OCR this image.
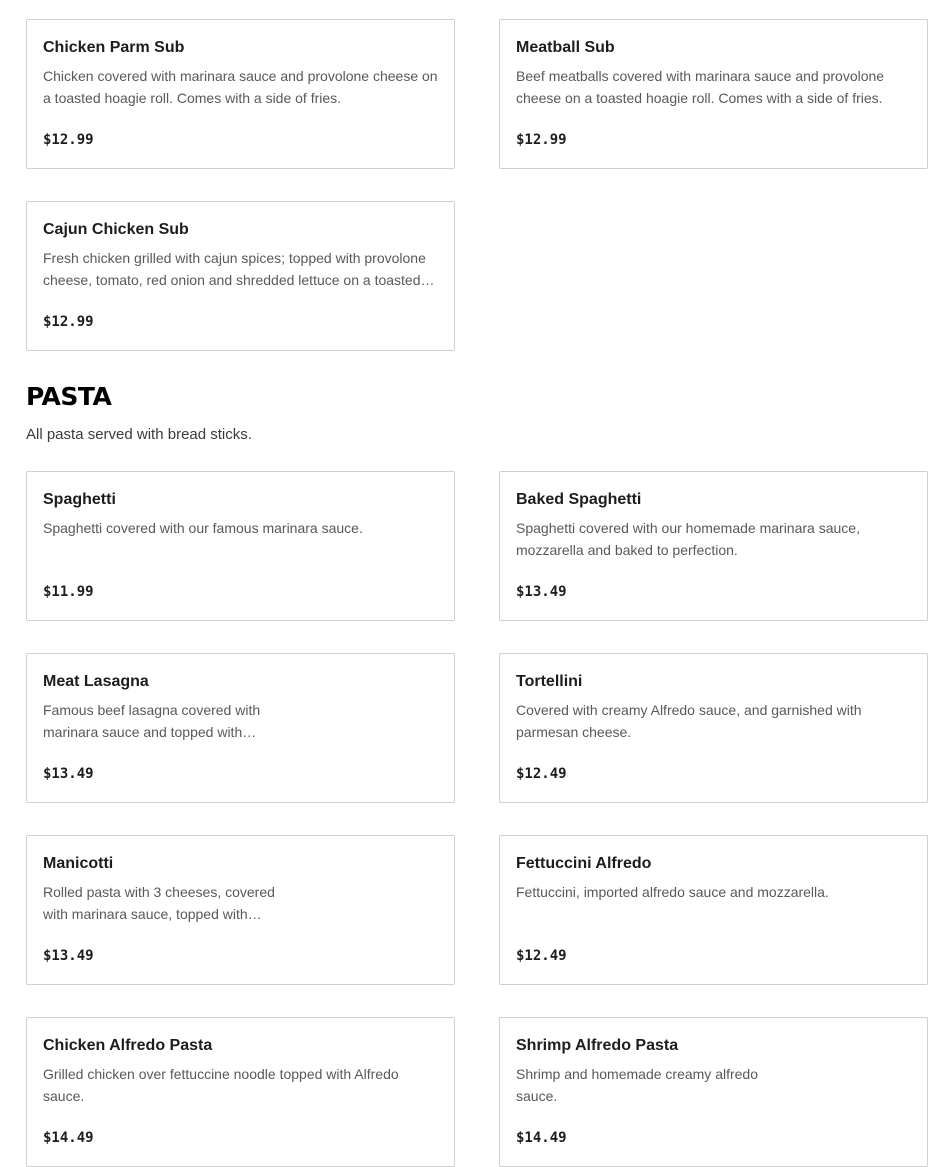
Chicken Parm Sub
Chicken covered with marinara sauce and provolone cheese on a toasted hoagie roll. Comes with a side of fries.
$12.99
Meatball Sub
Beef meatballs covered with marinara sauce and provolone cheese on a toasted hoagie roll. Comes with a side of fries.
$12.99
Cajun Chicken Sub
Fresh chicken grilled with cajun spices; topped with provolone cheese, tomato, red onion and shredded lettuce on a toasted…
$12.99
PASTA
All pasta served with bread sticks.
Spaghetti
Spaghetti covered with our famous marinara sauce.
$11.99
Baked Spaghetti
Spaghetti covered with our homemade marinara sauce, mozzarella and baked to perfection.
$13.49
Meat Lasagna
Famous beef lasagna covered with marinara sauce and topped with…
$13.49
Tortellini
Covered with creamy Alfredo sauce, and garnished with parmesan cheese.
$12.49
Manicotti
Rolled pasta with 3 cheeses, covered with marinara sauce, topped with…
$13.49
Fettuccini Alfredo
Fettuccini, imported alfredo sauce and mozzarella.
$12.49
Chicken Alfredo Pasta
Grilled chicken over fettuccine noodle topped with Alfredo sauce.
$14.49
Shrimp Alfredo Pasta
Shrimp and homemade creamy alfredo sauce.
$14.49
